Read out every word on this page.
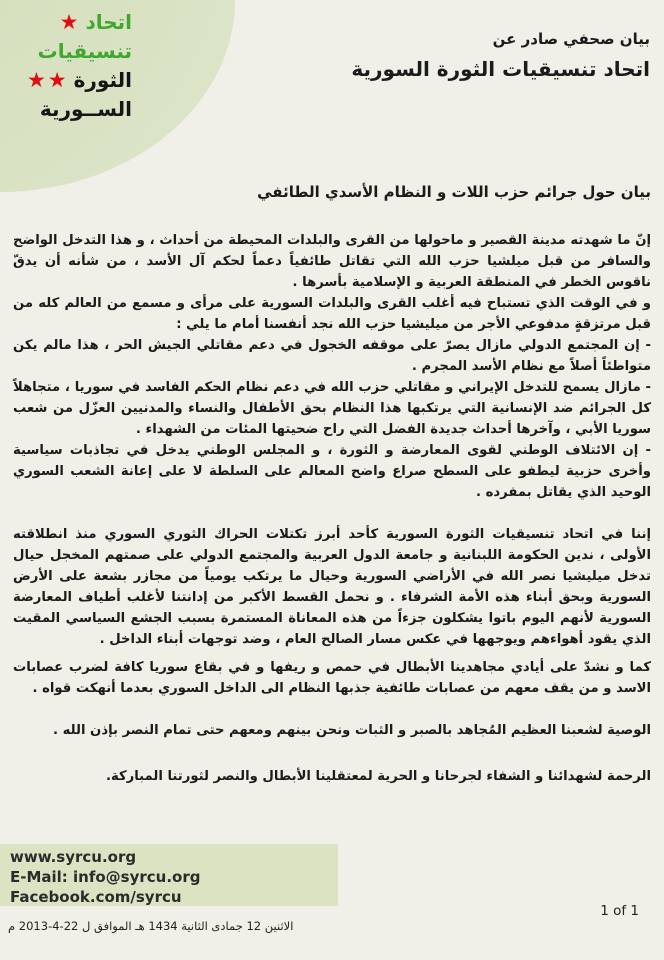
★ اتحاد
تنسيقيات
★ ★ الثورة
الســورية
بيان صحفي صادر عن
اتحاد تنسيقيات الثورة السورية
بيان حول جرائم حزب اللات و النظام الأسدي الطائفي

إنّ ما شهدته مدينة القصير و ماحولها من القرى والبلدات المحيطة من أحداث ، و هذا التدخل الواضح والسافر من قبل ميلشيا حزب الله التي تقاتل طائفياً دعماً لحكم آل الأسد ، من شأنه أن يدقّ ناقوس الخطر في المنطقة العربية و الإسلامية بأسرها .

و في الوقت الذي تستباح فيه أغلب القرى والبلدات السورية على مرأى و مسمع من العالم كله من قبل مرتزقةٍ مدفوعي الأجر من ميليشيا حزب الله نجد أنفسنا أمام ما يلي :

- إن المجتمع الدولي مازال يصرّ على موقفه الخجول في دعم مقاتلي الجيش الحر ، هذا مالم يكن متواطئاً أصلاً مع نظام الأسد المجرم .

- مازال يسمح للتدخل الإيراني و مقاتلي حزب الله في دعم نظام الحكم الفاسد في سوريا ، متجاهلاً كل الجرائم ضد الإنسانية التي يرتكبها هذا النظام بحق الأطفال والنساء والمدنيين العزّل من شعب سوريا الأبي ، وآخرها أحداث جديدة الفضل التي راح ضحيتها المئات من الشهداء .

- إن الائتلاف الوطني لقوى المعارضة و الثورة ، و المجلس الوطني يدخل في تجاذبات سياسية وأخرى حزبية ليطفو على السطح صراع واضح المعالم على السلطة لا على إعانة الشعب السوري الوحيد الذي يقاتل بمفرده .

إننا في اتحاد تنسيقيات الثورة السورية كأحد أبرز تكتلات الحراك الثوري السوري منذ انطلاقته الأولى ، ندين الحكومة اللبنانية و جامعة الدول العربية والمجتمع الدولي على صمتهم المخجل حيال تدخل ميليشيا نصر الله في الأراضي السورية وحيال ما يرتكب يومياً من مجازر بشعة على الأرض السورية وبحق أبناء هذه الأمة الشرفاء . و نحمل القسط الأكبر من إدانتنا لأغلب أطياف المعارضة السورية لأنهم اليوم باتوا يشكلون جزءاً من هذه المعاناة المستمرة بسبب الجشع السياسي المقيت الذي يقود أهواءهم ويوجهها في عكس مسار الصالح العام ، وضد توجهات أبناء الداخل .

كما و نشدّ على أيادي مجاهدينا الأبطال في حمص و ريفها و في بقاع سوريا كافة لضرب عصابات الاسد و من يقف معهم من عصابات طائفية جذبها النظام الى الداخل السوري بعدما أنهكت قواه .

الوصية لشعبنا العظيم المُجاهد بالصبر و الثبات ونحن بينهم ومعهم حتى تمام النصر بإذن الله .

الرحمة لشهدائنا و الشفاء لجرحانا و الحرية لمعتقلينا الأبطال والنصر لثورتنا المباركة.

www.syrcu.org
E-Mail: info@syrcu.org
Facebook.com/syrcu
الاثنين 12 جمادى الثانية 1434 هـ الموافق ل 22-4-2013 م
1 of 1
